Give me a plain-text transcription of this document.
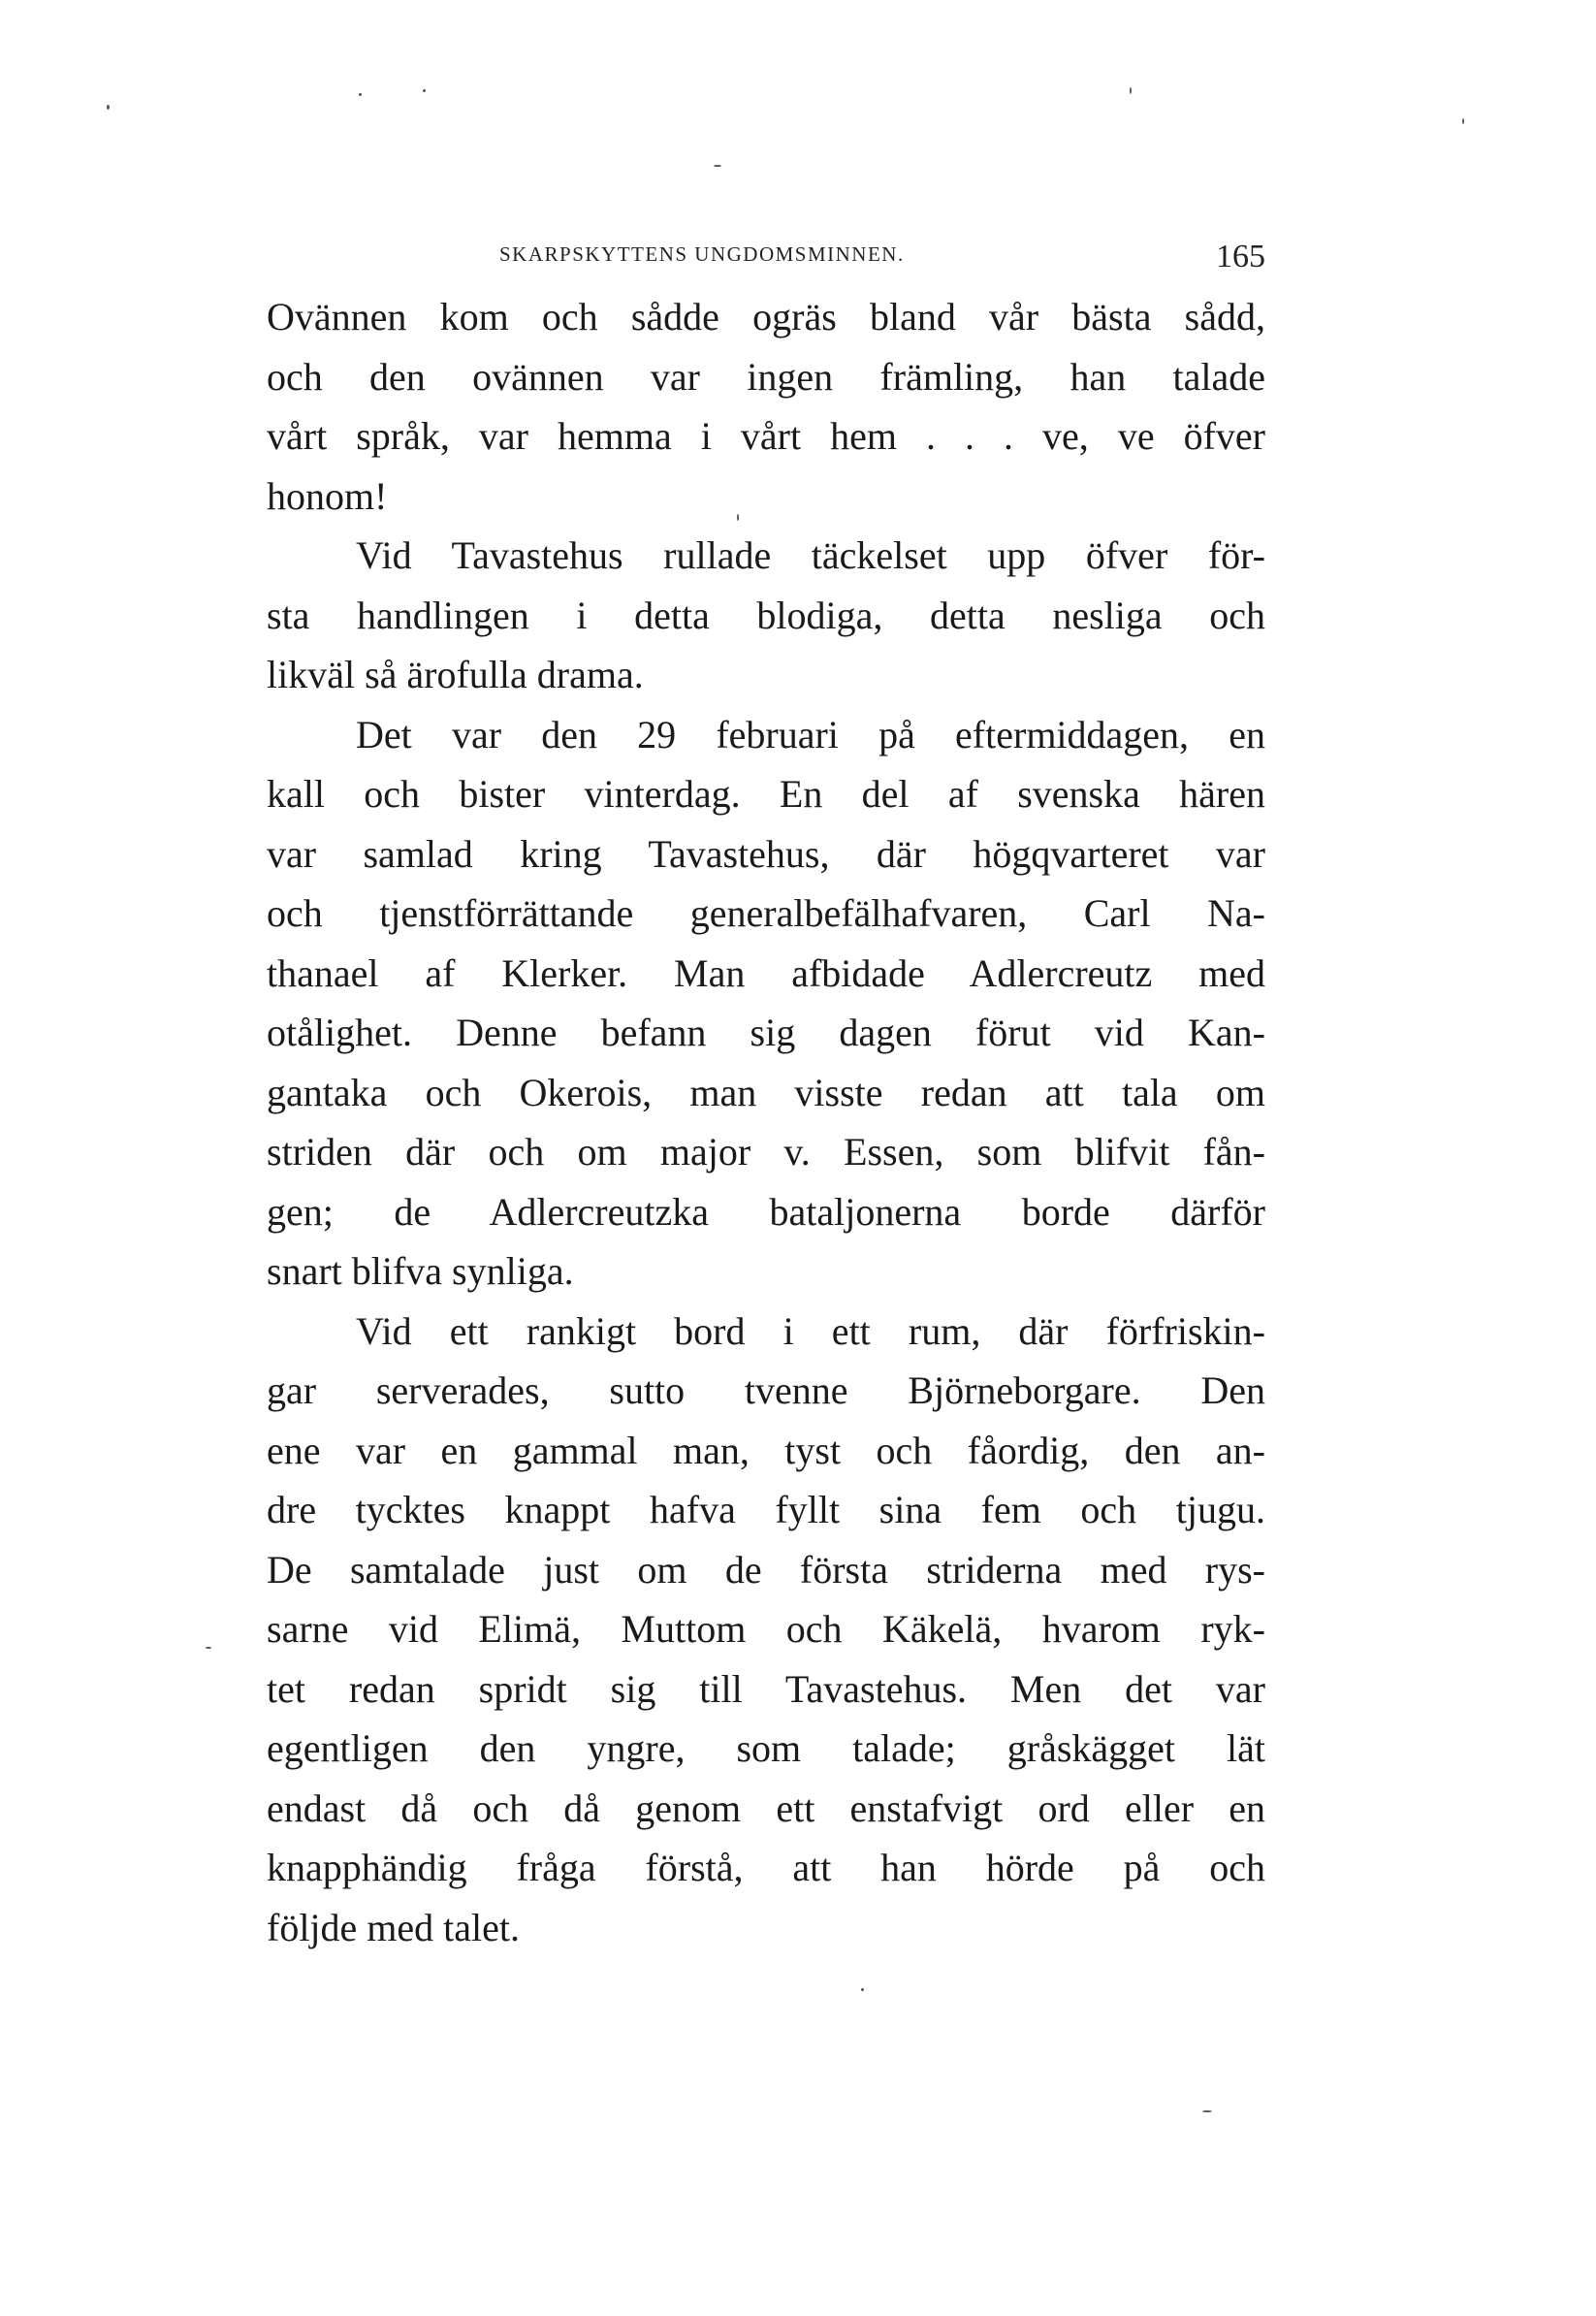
SKARPSKYTTENS UNGDOMSMINNEN.	165
Ovännen kom och sådde ogräs bland vår bästa sådd,
och den ovännen var ingen främling, han talade
vårt språk, var hemma i vårt hem . . . ve, ve öfver
honom!
Vid Tavastehus rullade täckelset upp öfver för-
sta handlingen i detta blodiga, detta nesliga och
likväl så ärofulla drama.
Det var den 29 februari på eftermiddagen, en
kall och bister vinterdag. En del af svenska hären
var samlad kring Tavastehus, där högqvarteret var
och tjenstförrättande generalbefälhafvaren, Carl Na-
thanael af Klerker. Man afbidade Adlercreutz med
otålighet. Denne befann sig dagen förut vid Kan-
gantaka och Okerois, man visste redan att tala om
striden där och om major v. Essen, som blifvit fån-
gen; de Adlercreutzka bataljonerna borde därför
snart blifva synliga.
Vid ett rankigt bord i ett rum, där förfriskin-
gar serverades, sutto tvenne Björneborgare. Den
ene var en gammal man, tyst och fåordig, den an-
dre tycktes knappt hafva fyllt sina fem och tjugu.
De samtalade just om de första striderna med rys-
sarne vid Elimä, Muttom och Käkelä, hvarom ryk-
tet redan spridt sig till Tavastehus. Men det var
egentligen den yngre, som talade; gråskägget lät
endast då och då genom ett enstafvigt ord eller en
knapphändig fråga förstå, att han hörde på och
följde med talet.
